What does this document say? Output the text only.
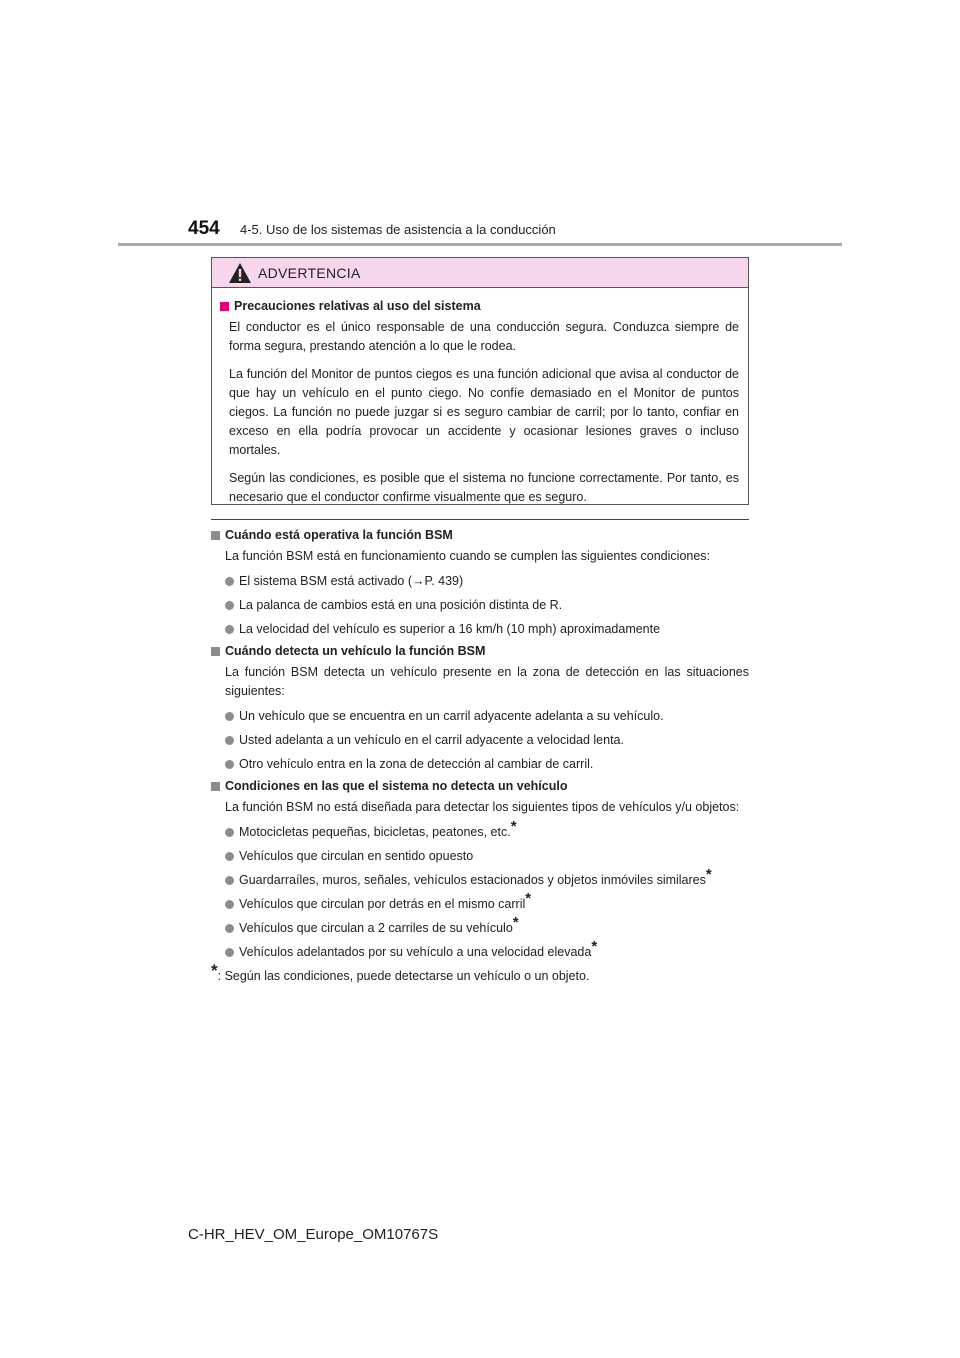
454	4-5. Uso de los sistemas de asistencia a la conducción
ADVERTENCIA
Precauciones relativas al uso del sistema

El conductor es el único responsable de una conducción segura. Conduzca siempre de forma segura, prestando atención a lo que le rodea.

La función del Monitor de puntos ciegos es una función adicional que avisa al conductor de que hay un vehículo en el punto ciego. No confíe demasiado en el Monitor de puntos ciegos. La función no puede juzgar si es seguro cambiar de carril; por lo tanto, confiar en exceso en ella podría provocar un accidente y ocasionar lesiones graves o incluso mortales.

Según las condiciones, es posible que el sistema no funcione correctamente. Por tanto, es necesario que el conductor confirme visualmente que es seguro.

Cuándo está operativa la función BSM

La función BSM está en funcionamiento cuando se cumplen las siguientes condiciones:

El sistema BSM está activado (→P. 439)
La palanca de cambios está en una posición distinta de R.
La velocidad del vehículo es superior a 16 km/h (10 mph) aproximadamente
Cuándo detecta un vehículo la función BSM

La función BSM detecta un vehículo presente en la zona de detección en las situaciones siguientes:

Un vehículo que se encuentra en un carril adyacente adelanta a su vehículo.
Usted adelanta a un vehículo en el carril adyacente a velocidad lenta.
Otro vehículo entra en la zona de detección al cambiar de carril.
Condiciones en las que el sistema no detecta un vehículo

La función BSM no está diseñada para detectar los siguientes tipos de vehículos y/u objetos:

Motocicletas pequeñas, bicicletas, peatones, etc.*
Vehículos que circulan en sentido opuesto
Guardarraíles, muros, señales, vehículos estacionados y objetos inmóviles similares*
Vehículos que circulan por detrás en el mismo carril*
Vehículos que circulan a 2 carriles de su vehículo*
Vehículos adelantados por su vehículo a una velocidad elevada*
*: Según las condiciones, puede detectarse un vehículo o un objeto.
C-HR_HEV_OM_Europe_OM10767S
